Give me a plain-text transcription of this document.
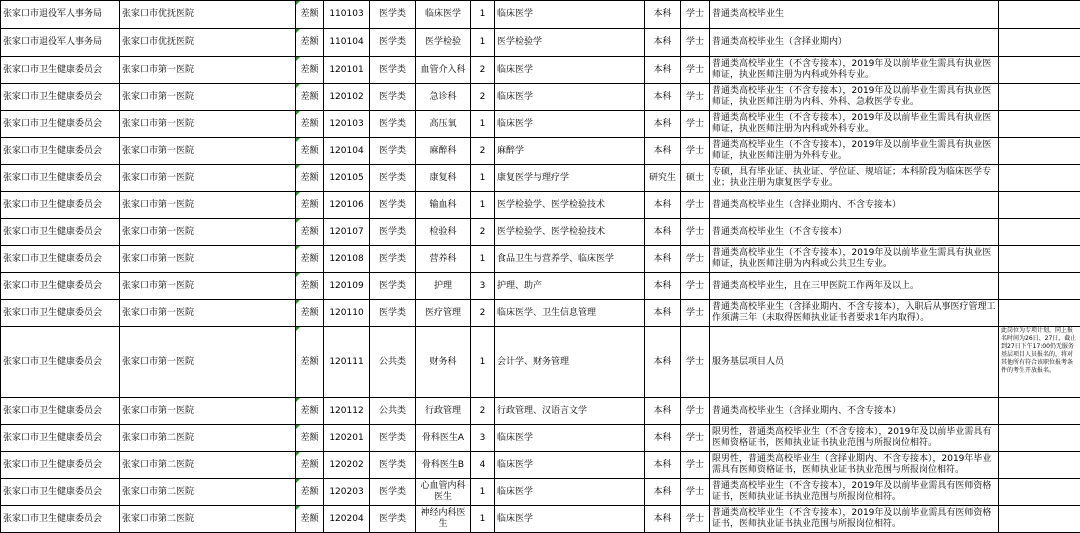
张家口市退役军人事务局	张家口市优抚医院	差额	110103	医学类	临床医学	1	临床医学	本科	学士	普通类高校毕业生	
张家口市退役军人事务局	张家口市优抚医院	差额	110104	医学类	医学检验	1	医学检验学	本科	学士	普通类高校毕业生（含择业期内）	
张家口市卫生健康委员会	张家口市第一医院	差额	120101	医学类	血管介入科	2	临床医学	本科	学士	普通类高校毕业生（不含专接本），2019年及以前毕业生需具有执业医师证，执业医师注册为内科或外科专业。	
张家口市卫生健康委员会	张家口市第一医院	差额	120102	医学类	急诊科	2	临床医学	本科	学士	普通类高校毕业生（不含专接本），2019年及以前毕业生需具有执业医师证，执业医师注册为内科、外科、急救医学专业。	
张家口市卫生健康委员会	张家口市第一医院	差额	120103	医学类	高压氧	1	临床医学	本科	学士	普通类高校毕业生（不含专接本），2019年及以前毕业生需具有执业医师证，执业医师注册为内科或外科专业。	
张家口市卫生健康委员会	张家口市第一医院	差额	120104	医学类	麻醉科	2	麻醉学	本科	学士	普通类高校毕业生（不含专接本），2019年及以前毕业生需具有执业医师证，执业医师注册为外科专业。	
张家口市卫生健康委员会	张家口市第一医院	差额	120105	医学类	康复科	1	康复医学与理疗学	研究生	硕士	专硕，具有毕业证、执业证、学位证、规培证；本科阶段为临床医学专业；执业注册为康复医学专业。	
张家口市卫生健康委员会	张家口市第一医院	差额	120106	医学类	输血科	1	医学检验学、医学检验技术	本科	学士	普通类高校毕业生（含择业期内、不含专接本）	
张家口市卫生健康委员会	张家口市第一医院	差额	120107	医学类	检验科	2	医学检验学、医学检验技术	本科	学士	普通类高校毕业生（不含专接本）	
张家口市卫生健康委员会	张家口市第一医院	差额	120108	医学类	营养科	1	食品卫生与营养学、临床医学	本科	学士	普通类高校毕业生（不含专接本），2019年及以前毕业生需具有执业医师证，执业医师注册为内科或公共卫生专业。	
张家口市卫生健康委员会	张家口市第一医院	差额	120109	医学类	护理	3	护理、助产	本科	学士	普通类高校毕业生，且在三甲医院工作两年及以上。	
张家口市卫生健康委员会	张家口市第一医院	差额	120110	医学类	医疗管理	2	临床医学、卫生信息管理	本科	学士	普通类高校毕业生（含择业期内、不含专接本），入职后从事医疗管理工作须满三年（未取得医师执业证书者要求1年内取得）。	
张家口市卫生健康委员会	张家口市第一医院	差额	120111	公共类	财务科	1	会计学、财务管理	本科	学士	服务基层项目人员	此岗位为专项计划，同上报名时间为26日、27日，截止到27日下午17:00仍无服务基层项目人员报名的，将对其他所有符合该职位报考条件的考生开放报名。
张家口市卫生健康委员会	张家口市第一医院	差额	120112	公共类	行政管理	2	行政管理、汉语言文学	本科	学士	普通类高校毕业生（含择业期内、不含专接本）	
张家口市卫生健康委员会	张家口市第二医院	差额	120201	医学类	骨科医生A	3	临床医学	本科	学士	限男性，普通类高校毕业生（不含专接本），2019年及以前毕业需具有医师资格证书，医师执业证书执业范围与所报岗位相符。	
张家口市卫生健康委员会	张家口市第二医院	差额	120202	医学类	骨科医生B	4	临床医学	本科	学士	限男性，普通类高校毕业生（含择业期内、不含专接本），2019年毕业需具有医师资格证书，医师执业证书执业范围与所报岗位相符。	
张家口市卫生健康委员会	张家口市第二医院	差额	120203	医学类	心血管内科医生	1	临床医学	本科	学士	普通类高校毕业生（不含专接本），2019年及以前毕业需具有医师资格证书，医师执业证书执业范围与所报岗位相符。	
张家口市卫生健康委员会	张家口市第二医院	差额	120204	医学类	神经内科医生	1	临床医学	本科	学士	普通类高校毕业生（不含专接本），2019年及以前毕业需具有医师资格证书，医师执业证书执业范围与所报岗位相符。	
